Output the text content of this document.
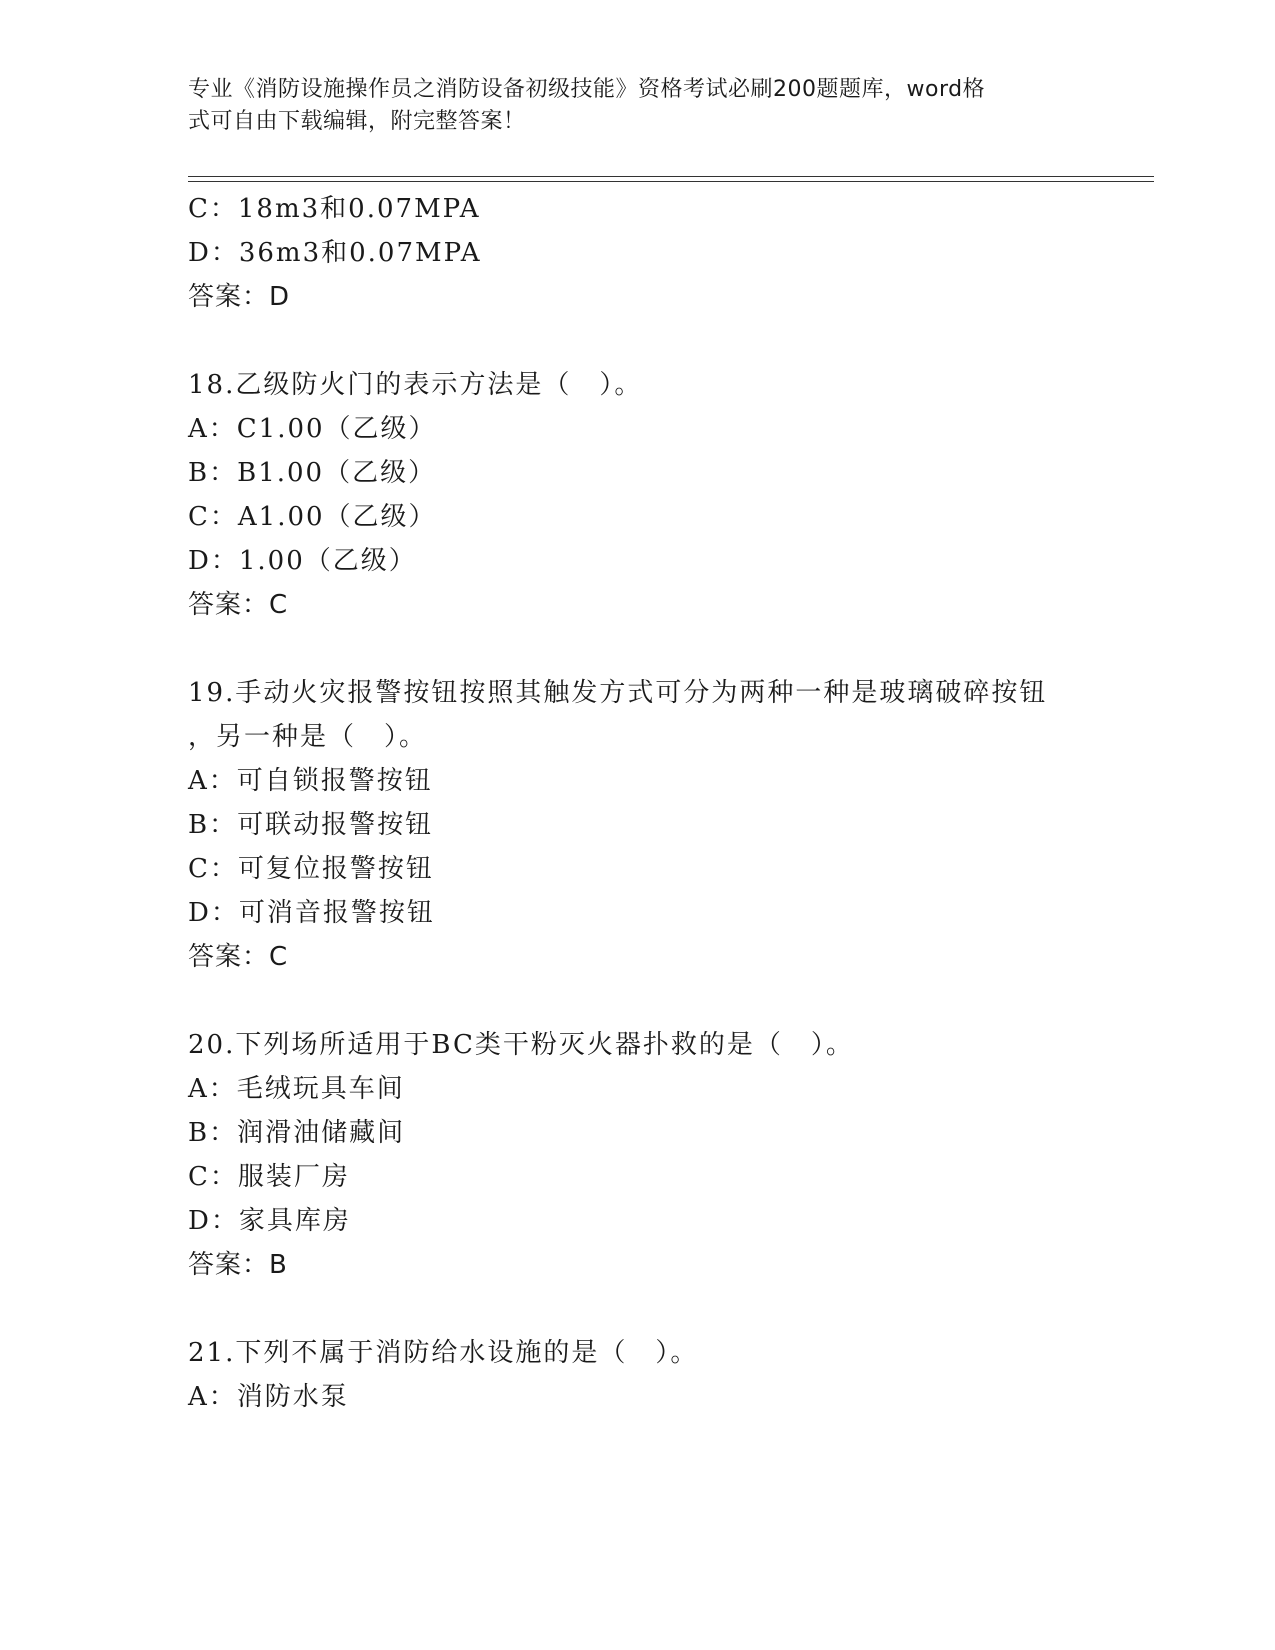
专业《消防设施操作员之消防设备初级技能》资格考试必刷200题题库，word格
式可自由下载编辑，附完整答案！
C：18m3和0.07MPA
D：36m3和0.07MPA
答案：D
18.乙级防火门的表示方法是（　）。
A：C1.00（乙级）
B：B1.00（乙级）
C：A1.00（乙级）
D：1.00（乙级）
答案：C
19.手动火灾报警按钮按照其触发方式可分为两种一种是玻璃破碎按钮
，另一种是（　）。
A：可自锁报警按钮
B：可联动报警按钮
C：可复位报警按钮
D：可消音报警按钮
答案：C
20.下列场所适用于BC类干粉灭火器扑救的是（　）。
A：毛绒玩具车间
B：润滑油储藏间
C：服装厂房
D：家具库房
答案：B
21.下列不属于消防给水设施的是（　）。
A：消防水泵
